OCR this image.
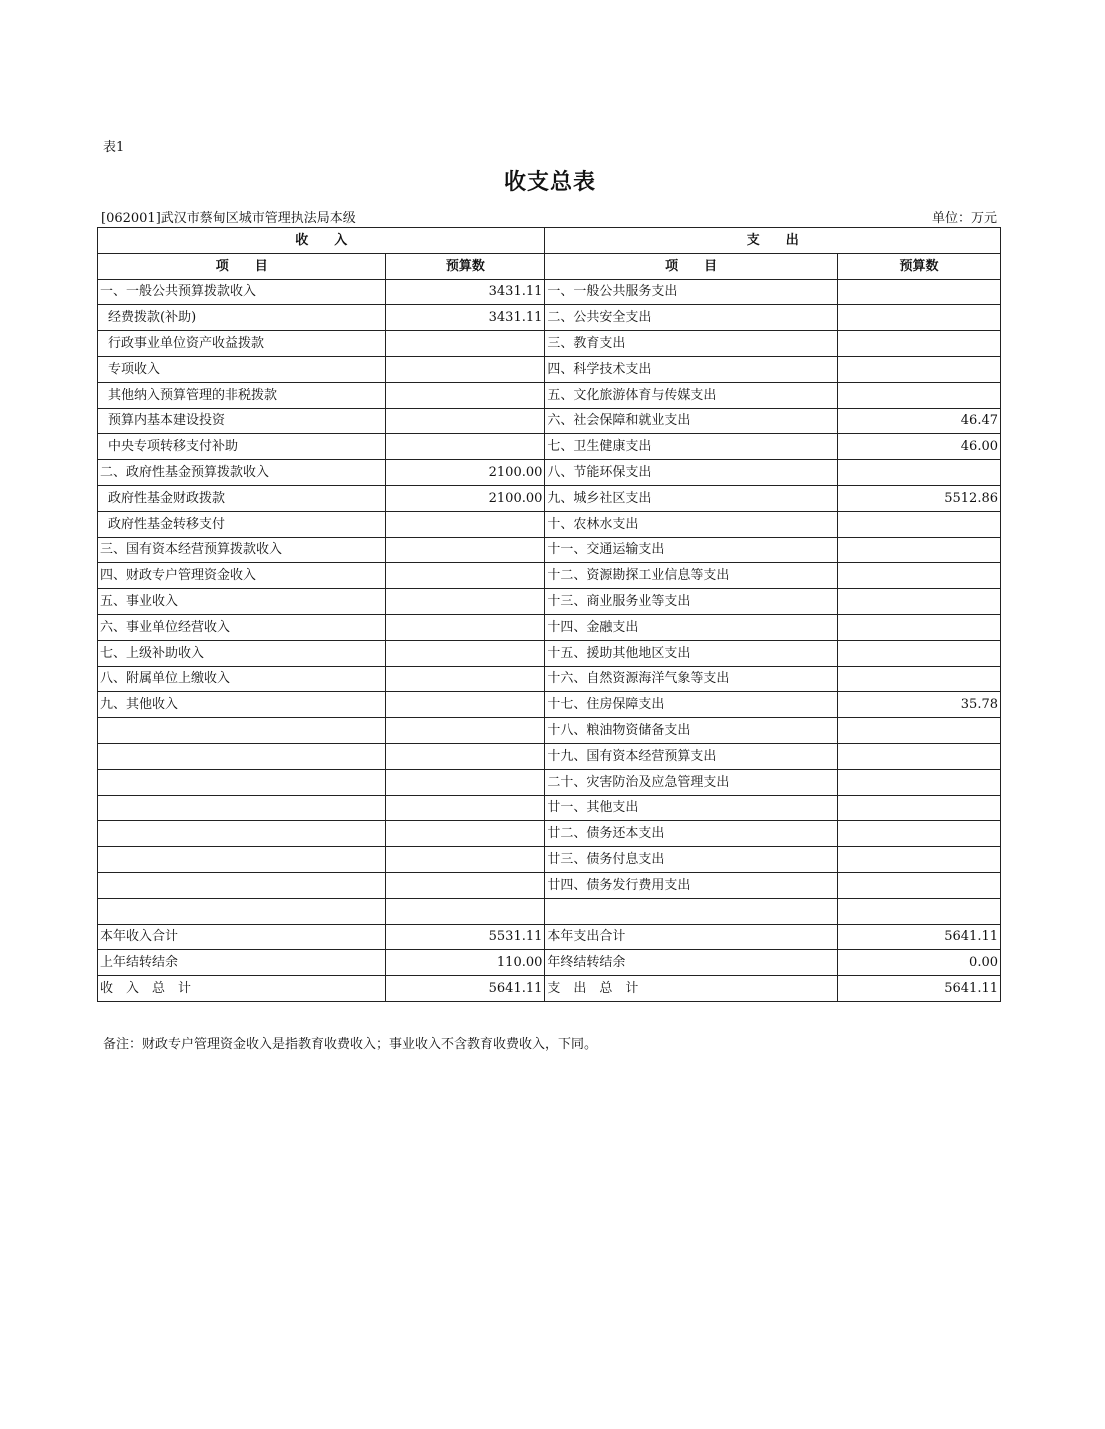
表1
收支总表
[062001]武汉市蔡甸区城市管理执法局本级	单位：万元
收　　入		支　　出	
项　　目	预算数	项　　目	预算数
一、一般公共预算拨款收入	3431.11	一、一般公共服务支出	
经费拨款(补助)	3431.11	二、公共安全支出	
行政事业单位资产收益拨款		三、教育支出	
专项收入		四、科学技术支出	
其他纳入预算管理的非税拨款		五、文化旅游体育与传媒支出	
预算内基本建设投资		六、社会保障和就业支出	46.47
中央专项转移支付补助		七、卫生健康支出	46.00
二、政府性基金预算拨款收入	2100.00	八、节能环保支出	
政府性基金财政拨款	2100.00	九、城乡社区支出	5512.86
政府性基金转移支付		十、农林水支出	
三、国有资本经营预算拨款收入		十一、交通运输支出	
四、财政专户管理资金收入		十二、资源勘探工业信息等支出	
五、事业收入		十三、商业服务业等支出	
六、事业单位经营收入		十四、金融支出	
七、上级补助收入		十五、援助其他地区支出	
八、附属单位上缴收入		十六、自然资源海洋气象等支出	
九、其他收入		十七、住房保障支出	35.78
		十八、粮油物资储备支出	
		十九、国有资本经营预算支出	
		二十、灾害防治及应急管理支出	
		廿一、其他支出	
		廿二、债务还本支出	
		廿三、债务付息支出	
		廿四、债务发行费用支出	

本年收入合计	5531.11	本年支出合计	5641.11
上年结转结余	110.00	年终结转结余	0.00
收　入　总　计	5641.11	支　出　总　计	5641.11
备注：财政专户管理资金收入是指教育收费收入；事业收入不含教育收费收入，下同。
